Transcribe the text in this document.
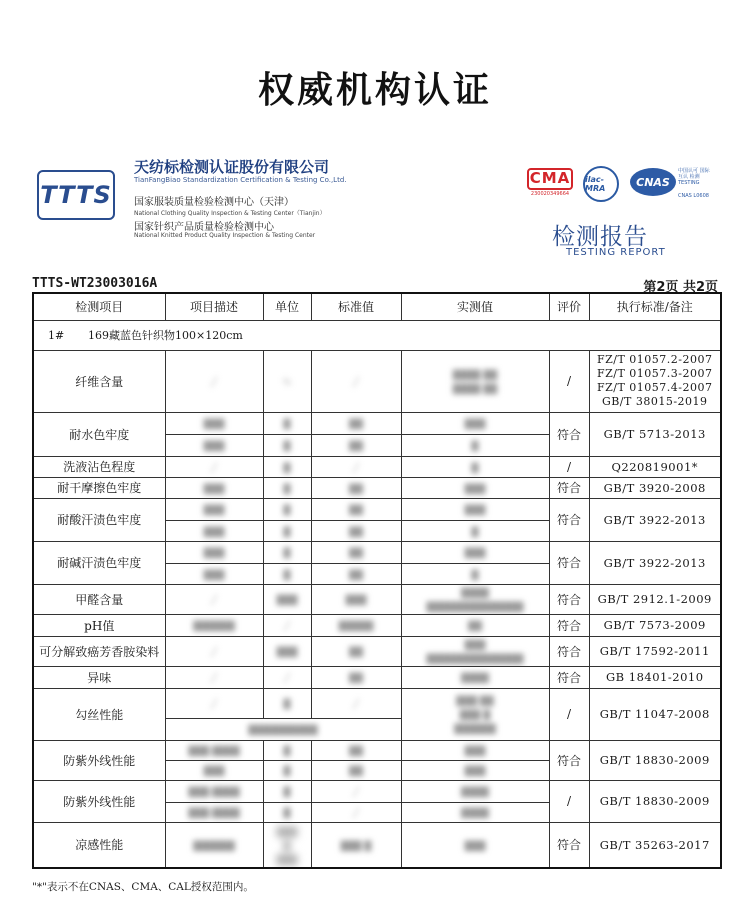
权威机构认证
TTTS
天纺标检测认证股份有限公司
TianFangBiao Standardization Certification & Testing Co.,Ltd.
国家服装质量检验检测中心（天津）
National Clothing Quality Inspection & Testing Center（Tianjin）
国家针织产品质量检验检测中心
National Knitted Product Quality Inspection & Testing Center
CMA
230020349664
ilac-MRA	CNAS
中国认可 国际互认 检测 TESTING
CNAS L0608
检测报告
TESTING REPORT
TTTS-WT23003016A	第2页 共2页
检测项目	项目描述	单位	标准值	实测值	评价	执行标准/备注
1# 169藏蓝色针织物100×120cm						
纤维含量	╱	％	╱	████ ██
████ ██	/	FZ/T 01057.2-2007
FZ/T 01057.3-2007
FZ/T 01057.4-2007
GB/T 38015-2019
耐水色牢度	███	█	██	███	符合	GB/T 5713-2013
	███	█	██	█		
洗液沾色程度	╱	█	╱	█	/	Q220819001*
耐干摩擦色牢度	███	█	██	███	符合	GB/T 3920-2008
耐酸汗渍色牢度	███	█	██	███	符合	GB/T 3922-2013
	███	█	██	█		
耐碱汗渍色牢度	███	█	██	███	符合	GB/T 3922-2013
	███	█	██	█		
甲醛含量	╱	███	███	████
██████████████	符合	GB/T 2912.1-2009
pH值	██████	╱	█████	██	符合	GB/T 7573-2009
可分解致癌芳香胺染料	╱	███	██	███
██████████████	符合	GB/T 17592-2011
异味	╱	╱	██	████	符合	GB 18401-2010
勾丝性能	╱	█	╱	███ ██
███ █
██████	/	GB/T 11047-2008
	██████████					
防紫外线性能	███ ████	█	██	███	符合	GB/T 18830-2009
	███	█	██	███		
防紫外线性能	███ ████	█	╱	████	/	GB/T 18830-2009
	███ ████	█	╱	████		
凉感性能	██████	███
█
███	███ █	███	符合	GB/T 35263-2017
"*"表示不在CNAS、CMA、CAL授权范围内。
